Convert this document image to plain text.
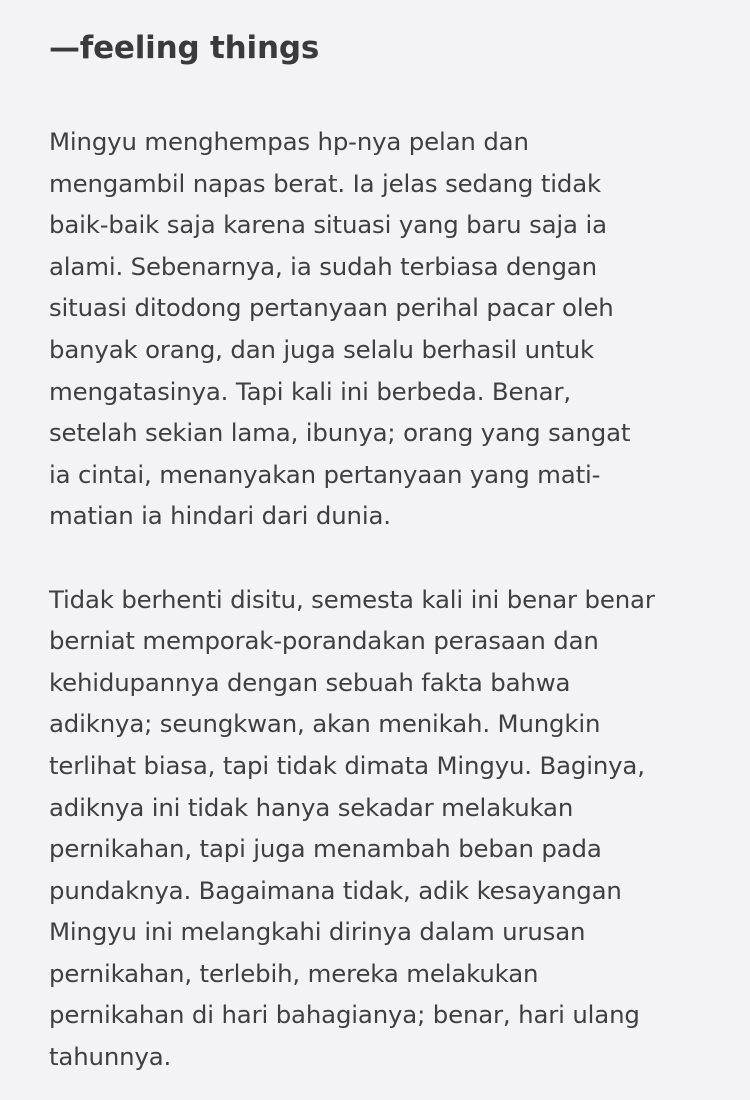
—feeling things

Mingyu menghempas hp-nya pelan dan
mengambil napas berat. Ia jelas sedang tidak
baik-baik saja karena situasi yang baru saja ia
alami. Sebenarnya, ia sudah terbiasa dengan
situasi ditodong pertanyaan perihal pacar oleh
banyak orang, dan juga selalu berhasil untuk
mengatasinya. Tapi kali ini berbeda. Benar,
setelah sekian lama, ibunya; orang yang sangat
ia cintai, menanyakan pertanyaan yang mati-
matian ia hindari dari dunia.

Tidak berhenti disitu, semesta kali ini benar benar
berniat memporak-porandakan perasaan dan
kehidupannya dengan sebuah fakta bahwa
adiknya; seungkwan, akan menikah. Mungkin
terlihat biasa, tapi tidak dimata Mingyu. Baginya,
adiknya ini tidak hanya sekadar melakukan
pernikahan, tapi juga menambah beban pada
pundaknya. Bagaimana tidak, adik kesayangan
Mingyu ini melangkahi dirinya dalam urusan
pernikahan, terlebih, mereka melakukan
pernikahan di hari bahagianya; benar, hari ulang
tahunnya.
